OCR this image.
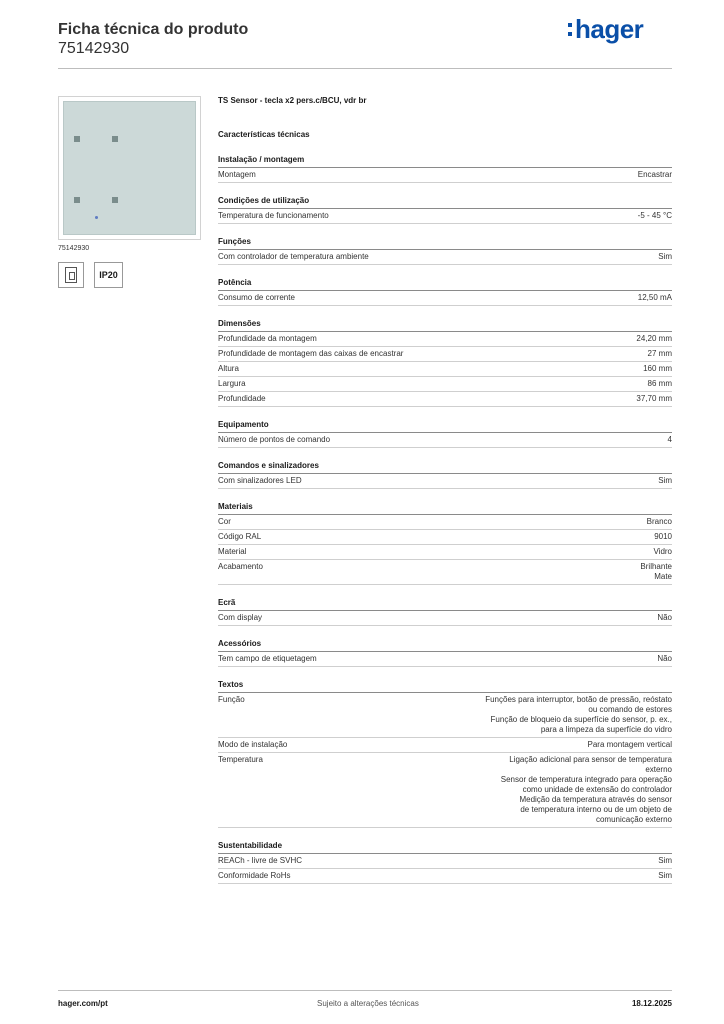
Ficha técnica do produto
75142930
hager
75142930
IP20
TS Sensor - tecla x2 pers.c/BCU, vdr br
Características técnicas
Instalação / montagem
Montagem	Encastrar
Condições de utilização
Temperatura de funcionamento	-5 - 45 °C
Funções
Com controlador de temperatura ambiente	Sim
Potência
Consumo de corrente	12,50 mA
Dimensões
Profundidade da montagem	24,20 mm
Profundidade de montagem das caixas de encastrar	27 mm
Altura	160 mm
Largura	86 mm
Profundidade	37,70 mm
Equipamento
Número de pontos de comando	4
Comandos e sinalizadores
Com sinalizadores LED	Sim
Materiais
Cor	Branco
Código RAL	9010
Material	Vidro
Acabamento	Brilhante
Mate
Ecrã
Com display	Não
Acessórios
Tem campo de etiquetagem	Não
Textos
Função	Funções para interruptor, botão de pressão, reóstato
ou comando de estores
Função de bloqueio da superfície do sensor, p. ex.,
para a limpeza da superfície do vidro
Modo de instalação	Para montagem vertical
Temperatura	Ligação adicional para sensor de temperatura
externo
Sensor de temperatura integrado para operação
como unidade de extensão do controlador
Medição da temperatura através do sensor
de temperatura interno ou de um objeto de
comunicação externo
Sustentabilidade
REACh - livre de SVHC	Sim
Conformidade RoHs	Sim
hager.com/pt	Sujeito a alterações técnicas	18.12.2025
